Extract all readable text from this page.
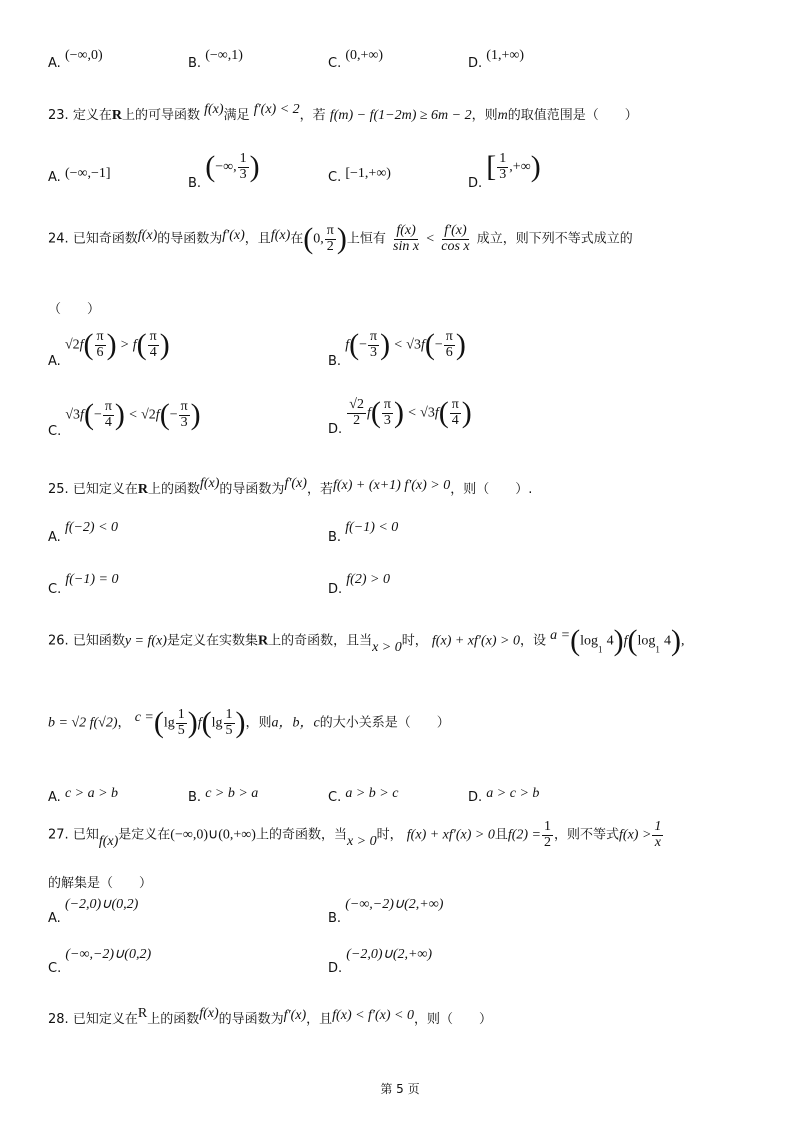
A. (−∞,0)
B. (−∞,1)
C. (0,+∞)
D. (1,+∞)
23. 定义在R上的可导函数 f(x)满足 f′(x) < 2，若 f(m) − f(1−2m) ≥ 6m − 2，则m的取值范围是（　　）
A. (−∞,−1]
B. (−∞, $\frac{1}{3}$ )	C. [−1,+∞)
D. [ $\frac{1}{3}$ ,+∞)
24. 已知奇函数f(x)的导函数为f′(x)，且f(x)在(0, $\frac{\pi}{2}$ )上恒有 $\frac{f(x)}{\text{sin x}} < \frac{f'(x)}{\text{cos x}}$ 成立，则下列不等式成立的
（　　）
A. $√2f( \frac{\pi}{6}$ ) > $f( \frac{\pi}{4}$ )	B. $f(- \frac{\pi}{3}$ ) < $√3f(- \frac{\pi}{6}$ )
C. $√3f(- \frac{\pi}{4}$ ) < $√2f(- \frac{\pi}{3}$ )	D.
$\frac{√2}{2} f( \frac{\pi}{3}$ ) < $√3f( \frac{\pi}{4}$ )
25. 已知定义在R上的函数f(x)的导函数为f′(x)，若f(x) + (x+1) f′(x) > 0，则（　　）.
A. f(−2) < 0
B. f(−1) < 0
C. f(−1) = 0
D. f(2) > 0
26. 已知函数y = f(x)是定义在实数集R上的奇函数，且当x > 0时， f(x) + xf′(x) > 0，设 $a =(\log_1$ $4)f(\log_1$ 4),
b = √2 f(√2)， $c =(\lg \frac{1}{5} )f(\lg \frac{1}{5}$ )，则a，b，c的大小关系是（　　）
A. c > a > b	B. c > b > a	C. a > b > c	D. a > c > b
27. 已知f(x)是定义在(−∞,0)∪(0,+∞)上的奇函数，当x > 0时， f(x) + xf′(x) > 0且$f(2) = \frac{1}{2}$ ，则不等式$f(x) > \frac{1}{x}$
的解集是（　　）
A. (−2,0)∪(0,2)
B. (−∞,−2)∪(2,+∞)
C. (−∞,−2)∪(0,2)
D. (−2,0)∪(2,+∞)
28. 已知定义在R上的函数f(x)的导函数为f′(x)，且f(x) < f′(x) < 0，则（　　）
第 5 页
